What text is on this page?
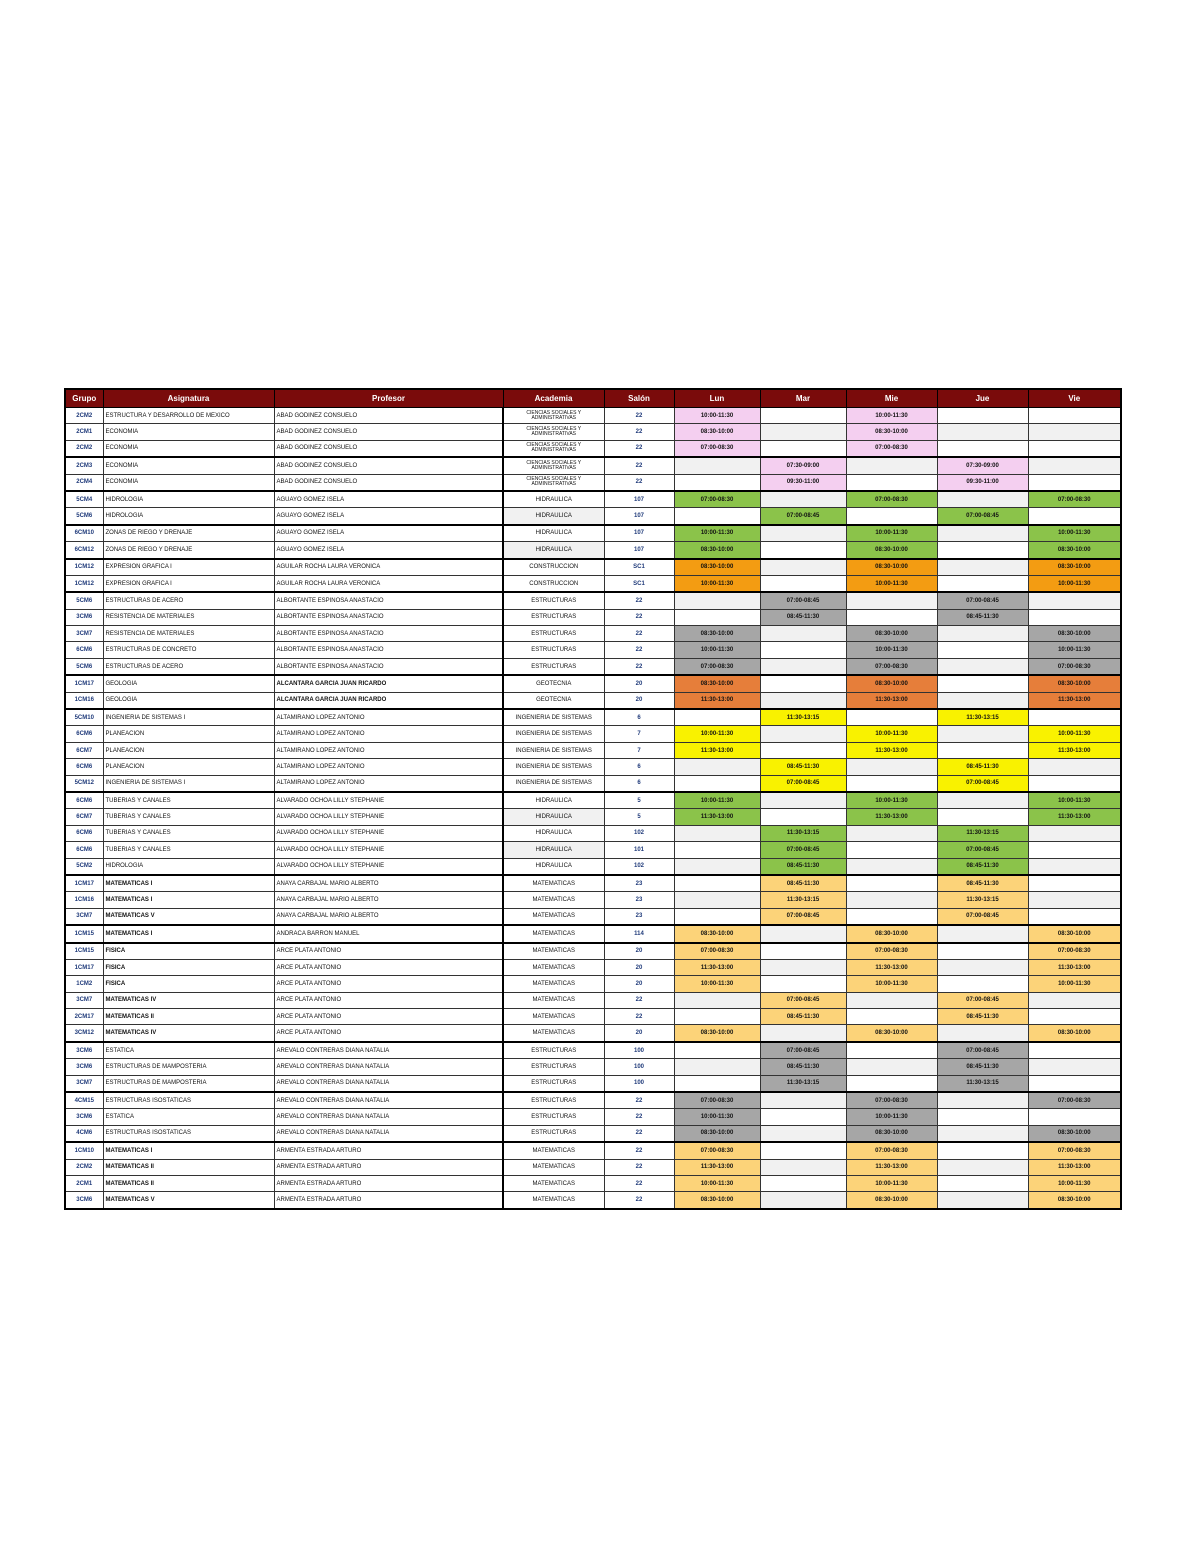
Grupo	Asignatura	Profesor	Academia	Salón	Lun	Mar	Mie	Jue	Vie
2CM2	ESTRUCTURA Y DESARROLLO DE MEXICO	ABAD GODINEZ CONSUELO	CIENCIAS SOCIALES Y ADMINISTRATIVAS	22	10:00-11:30		10:00-11:30		
2CM1	ECONOMIA	ABAD GODINEZ CONSUELO	CIENCIAS SOCIALES Y ADMINISTRATIVAS	22	08:30-10:00		08:30-10:00		
2CM2	ECONOMIA	ABAD GODINEZ CONSUELO	CIENCIAS SOCIALES Y ADMINISTRATIVAS	22	07:00-08:30		07:00-08:30		
2CM3	ECONOMIA	ABAD GODINEZ CONSUELO	CIENCIAS SOCIALES Y ADMINISTRATIVAS	22		07:30-09:00		07:30-09:00	
2CM4	ECONOMIA	ABAD GODINEZ CONSUELO	CIENCIAS SOCIALES Y ADMINISTRATIVAS	22		09:30-11:00		09:30-11:00	
5CM4	HIDROLOGIA	AGUAYO GOMEZ ISELA	HIDRAULICA	107	07:00-08:30		07:00-08:30		07:00-08:30
5CM6	HIDROLOGIA	AGUAYO GOMEZ ISELA	HIDRAULICA	107		07:00-08:45		07:00-08:45	
6CM10	ZONAS DE RIEGO Y DRENAJE	AGUAYO GOMEZ ISELA	HIDRAULICA	107	10:00-11:30		10:00-11:30		10:00-11:30
6CM12	ZONAS DE RIEGO Y DRENAJE	AGUAYO GOMEZ ISELA	HIDRAULICA	107	08:30-10:00		08:30-10:00		08:30-10:00
1CM12	EXPRESION GRAFICA I	AGUILAR ROCHA LAURA VERONICA	CONSTRUCCION	SC1	08:30-10:00		08:30-10:00		08:30-10:00
1CM12	EXPRESION GRAFICA I	AGUILAR ROCHA LAURA VERONICA	CONSTRUCCION	SC1	10:00-11:30		10:00-11:30		10:00-11:30
5CM6	ESTRUCTURAS DE ACERO	ALBORTANTE ESPINOSA ANASTACIO	ESTRUCTURAS	22		07:00-08:45		07:00-08:45	
3CM6	RESISTENCIA DE MATERIALES	ALBORTANTE ESPINOSA ANASTACIO	ESTRUCTURAS	22		08:45-11:30		08:45-11:30	
3CM7	RESISTENCIA DE MATERIALES	ALBORTANTE ESPINOSA ANASTACIO	ESTRUCTURAS	22	08:30-10:00		08:30-10:00		08:30-10:00
6CM6	ESTRUCTURAS DE CONCRETO	ALBORTANTE ESPINOSA ANASTACIO	ESTRUCTURAS	22	10:00-11:30		10:00-11:30		10:00-11:30
5CM6	ESTRUCTURAS DE ACERO	ALBORTANTE ESPINOSA ANASTACIO	ESTRUCTURAS	22	07:00-08:30		07:00-08:30		07:00-08:30
1CM17	GEOLOGIA	ALCANTARA GARCIA JUAN RICARDO	GEOTECNIA	20	08:30-10:00		08:30-10:00		08:30-10:00
1CM16	GEOLOGIA	ALCANTARA GARCIA JUAN RICARDO	GEOTECNIA	20	11:30-13:00		11:30-13:00		11:30-13:00
5CM10	INGENIERIA DE SISTEMAS I	ALTAMIRANO LOPEZ ANTONIO	INGENIERIA DE SISTEMAS	6		11:30-13:15		11:30-13:15	
6CM6	PLANEACION	ALTAMIRANO LOPEZ ANTONIO	INGENIERIA DE SISTEMAS	7	10:00-11:30		10:00-11:30		10:00-11:30
6CM7	PLANEACION	ALTAMIRANO LOPEZ ANTONIO	INGENIERIA DE SISTEMAS	7	11:30-13:00		11:30-13:00		11:30-13:00
6CM6	PLANEACION	ALTAMIRANO LOPEZ ANTONIO	INGENIERIA DE SISTEMAS	6		08:45-11:30		08:45-11:30	
5CM12	INGENIERIA DE SISTEMAS I	ALTAMIRANO LOPEZ ANTONIO	INGENIERIA DE SISTEMAS	6		07:00-08:45		07:00-08:45	
6CM6	TUBERIAS Y CANALES	ALVARADO OCHOA LILLY STEPHANIE	HIDRAULICA	5	10:00-11:30		10:00-11:30		10:00-11:30
6CM7	TUBERIAS Y CANALES	ALVARADO OCHOA LILLY STEPHANIE	HIDRAULICA	5	11:30-13:00		11:30-13:00		11:30-13:00
6CM6	TUBERIAS Y CANALES	ALVARADO OCHOA LILLY STEPHANIE	HIDRAULICA	102		11:30-13:15		11:30-13:15	
6CM6	TUBERIAS Y CANALES	ALVARADO OCHOA LILLY STEPHANIE	HIDRAULICA	101		07:00-08:45		07:00-08:45	
5CM2	HIDROLOGIA	ALVARADO OCHOA LILLY STEPHANIE	HIDRAULICA	102		08:45-11:30		08:45-11:30	
1CM17	MATEMATICAS I	ANAYA CARBAJAL MARIO ALBERTO	MATEMATICAS	23		08:45-11:30		08:45-11:30	
1CM16	MATEMATICAS I	ANAYA CARBAJAL MARIO ALBERTO	MATEMATICAS	23		11:30-13:15		11:30-13:15	
3CM7	MATEMATICAS V	ANAYA CARBAJAL MARIO ALBERTO	MATEMATICAS	23		07:00-08:45		07:00-08:45	
1CM15	MATEMATICAS I	ANDRACA BARRON MANUEL	MATEMATICAS	114	08:30-10:00		08:30-10:00		08:30-10:00
1CM15	FISICA	ARCE PLATA ANTONIO	MATEMATICAS	20	07:00-08:30		07:00-08:30		07:00-08:30
1CM17	FISICA	ARCE PLATA ANTONIO	MATEMATICAS	20	11:30-13:00		11:30-13:00		11:30-13:00
1CM2	FISICA	ARCE PLATA ANTONIO	MATEMATICAS	20	10:00-11:30		10:00-11:30		10:00-11:30
3CM7	MATEMATICAS IV	ARCE PLATA ANTONIO	MATEMATICAS	22		07:00-08:45		07:00-08:45	
2CM17	MATEMATICAS II	ARCE PLATA ANTONIO	MATEMATICAS	22		08:45-11:30		08:45-11:30	
3CM12	MATEMATICAS IV	ARCE PLATA ANTONIO	MATEMATICAS	20	08:30-10:00		08:30-10:00		08:30-10:00
3CM6	ESTATICA	AREVALO CONTRERAS DIANA NATALIA	ESTRUCTURAS	100		07:00-08:45		07:00-08:45	
3CM6	ESTRUCTURAS DE MAMPOSTERIA	AREVALO CONTRERAS DIANA NATALIA	ESTRUCTURAS	100		08:45-11:30		08:45-11:30	
3CM7	ESTRUCTURAS DE MAMPOSTERIA	AREVALO CONTRERAS DIANA NATALIA	ESTRUCTURAS	100		11:30-13:15		11:30-13:15	
4CM15	ESTRUCTURAS ISOSTATICAS	AREVALO CONTRERAS DIANA NATALIA	ESTRUCTURAS	22	07:00-08:30		07:00-08:30		07:00-08:30
3CM6	ESTATICA	AREVALO CONTRERAS DIANA NATALIA	ESTRUCTURAS	22	10:00-11:30		10:00-11:30		
4CM6	ESTRUCTURAS ISOSTATICAS	AREVALO CONTRERAS DIANA NATALIA	ESTRUCTURAS	22	08:30-10:00		08:30-10:00		08:30-10:00
1CM10	MATEMATICAS I	ARMENTA ESTRADA ARTURO	MATEMATICAS	22	07:00-08:30		07:00-08:30		07:00-08:30
2CM2	MATEMATICAS II	ARMENTA ESTRADA ARTURO	MATEMATICAS	22	11:30-13:00		11:30-13:00		11:30-13:00
2CM1	MATEMATICAS II	ARMENTA ESTRADA ARTURO	MATEMATICAS	22	10:00-11:30		10:00-11:30		10:00-11:30
3CM6	MATEMATICAS V	ARMENTA ESTRADA ARTURO	MATEMATICAS	22	08:30-10:00		08:30-10:00		08:30-10:00
